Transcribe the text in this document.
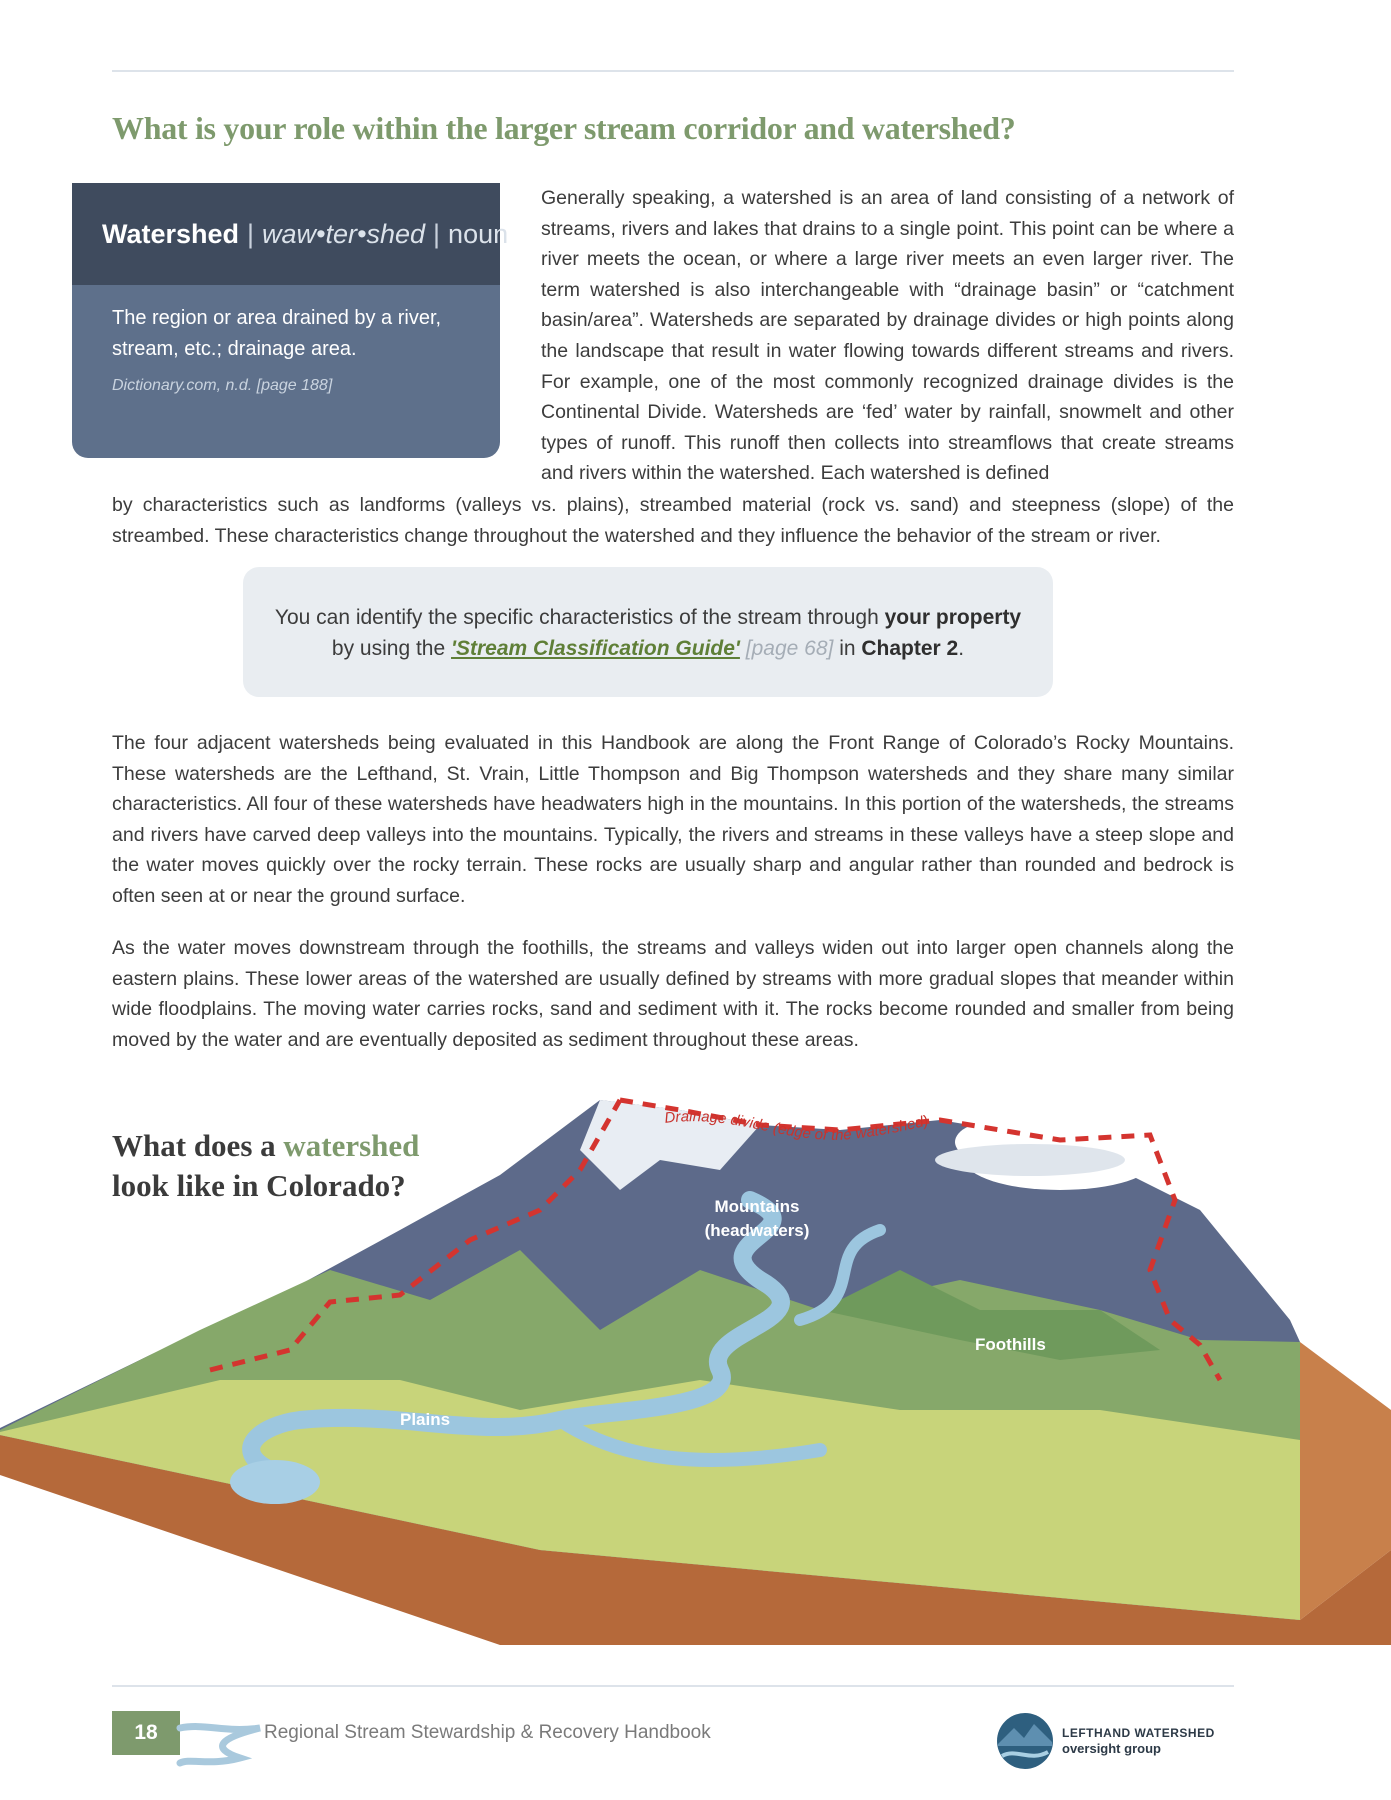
What is your role within the larger stream corridor and watershed?
Watershed | waw•ter•shed | noun

The region or area drained by a river, stream, etc.; drainage area.

Dictionary.com, n.d. [page 188]

Generally speaking, a watershed is an area of land consisting of a network of streams, rivers and lakes that drains to a single point. This point can be where a river meets the ocean, or where a large river meets an even larger river. The term watershed is also interchangeable with “drainage basin” or “catchment basin/area”. Watersheds are separated by drainage divides or high points along the landscape that result in water flowing towards different streams and rivers. For example, one of the most commonly recognized drainage divides is the Continental Divide. Watersheds are ‘fed’ water by rainfall, snowmelt and other types of runoff. This runoff then collects into streamflows that create streams and rivers within the watershed. Each watershed is defined

by characteristics such as landforms (valleys vs. plains), streambed material (rock vs. sand) and steepness (slope) of the streambed. These characteristics change throughout the watershed and they influence the behavior of the stream or river.

You can identify the specific characteristics of the stream through your property
by using the 'Stream Classification Guide' [page 68] in Chapter 2.

The four adjacent watersheds being evaluated in this Handbook are along the Front Range of Colorado’s Rocky Mountains. These watersheds are the Lefthand, St. Vrain, Little Thompson and Big Thompson watersheds and they share many similar characteristics. All four of these watersheds have headwaters high in the mountains. In this portion of the watersheds, the streams and rivers have carved deep valleys into the mountains. Typically, the rivers and streams in these valleys have a steep slope and the water moves quickly over the rocky terrain. These rocks are usually sharp and angular rather than rounded and bedrock is often seen at or near the ground surface.

As the water moves downstream through the foothills, the streams and valleys widen out into larger open channels along the eastern plains. These lower areas of the watershed are usually defined by streams with more gradual slopes that meander within wide floodplains. The moving water carries rocks, sand and sediment with it. The rocks become rounded and smaller from being moved by the water and are eventually deposited as sediment throughout these areas.

Drainage divide (edge of the watershed)
What does a watershed
look like in Colorado?
Mountains
(headwaters)
Foothills
Plains
18	Regional Stream Stewardship & Recovery Handbook	LEFTHAND WATERSHED
oversight group
